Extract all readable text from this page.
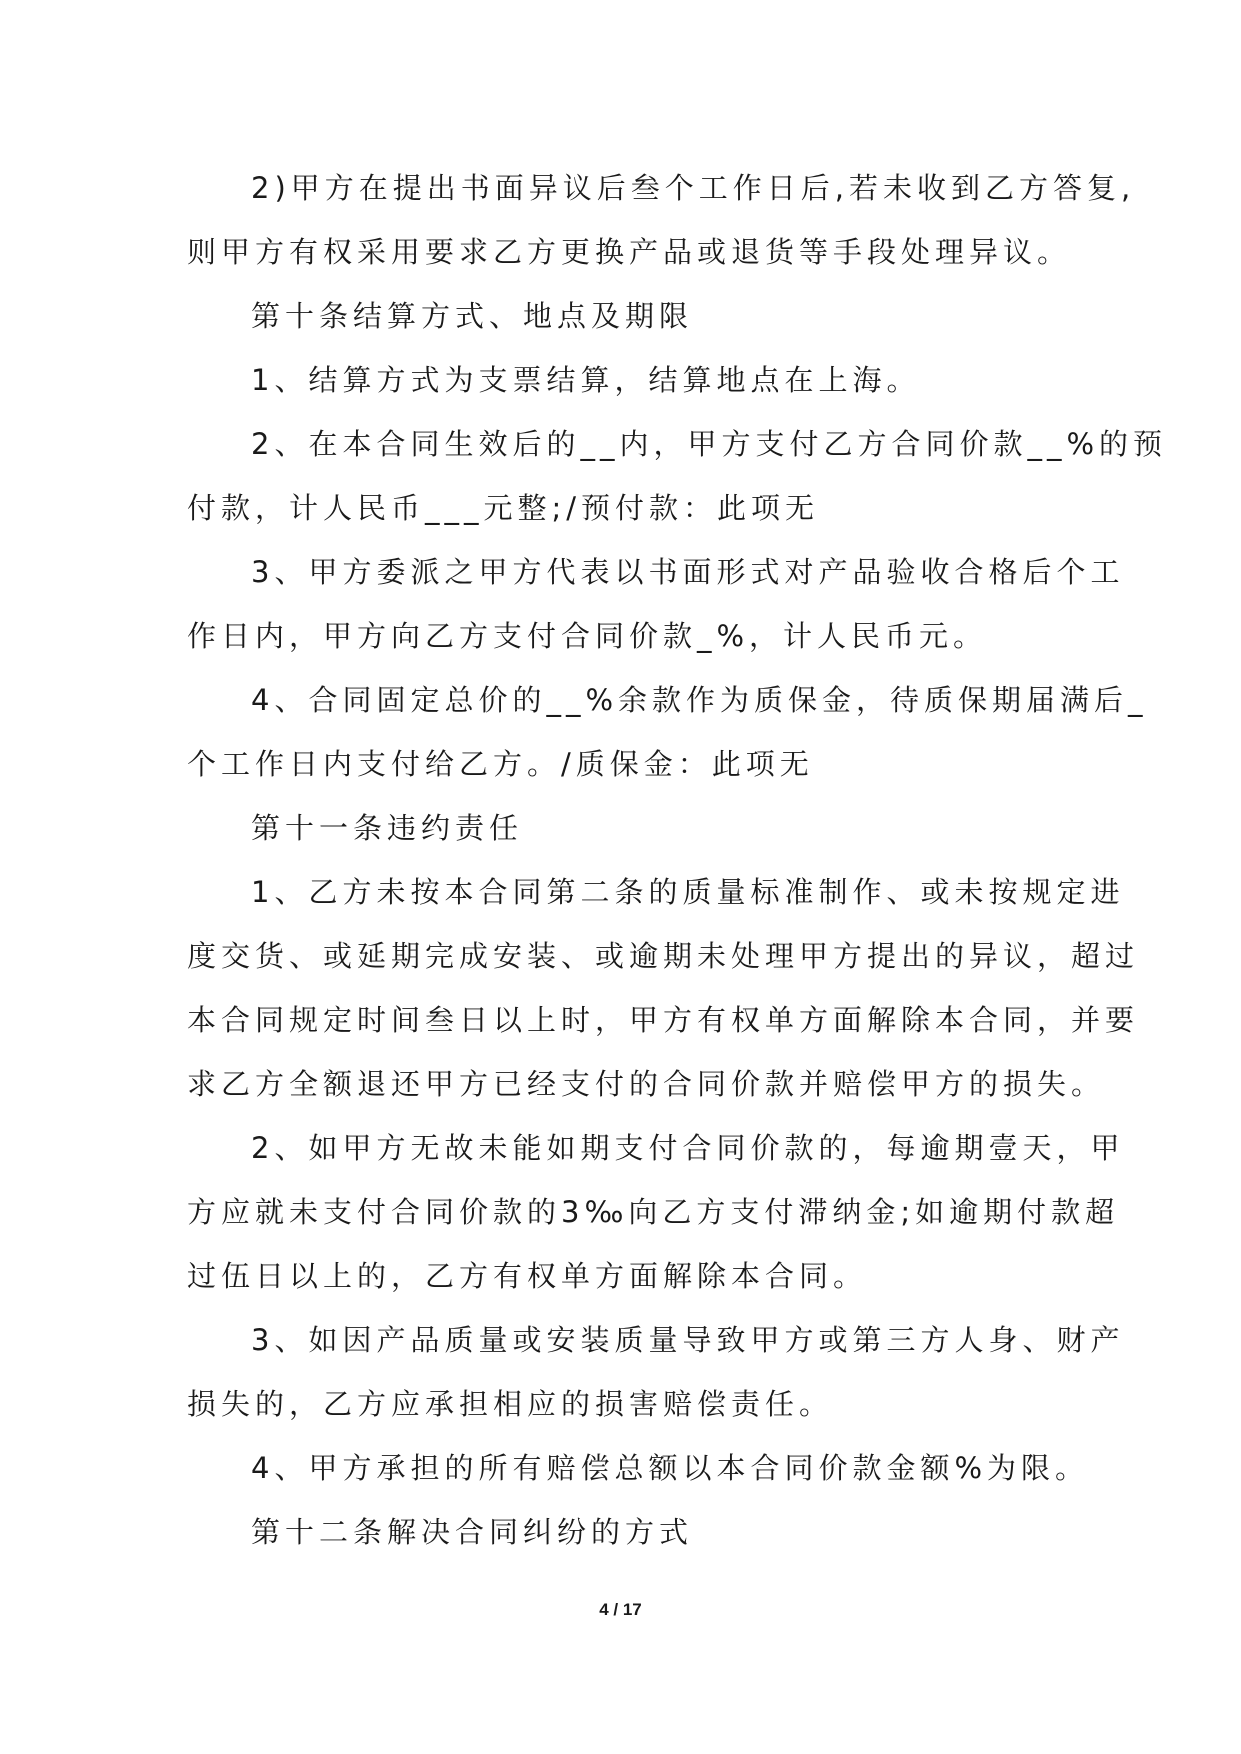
2)甲方在提出书面异议后叁个工作日后,若未收到乙方答复,

则甲方有权采用要求乙方更换产品或退货等手段处理异议。

第十条结算方式、地点及期限

1、结算方式为支票结算，结算地点在上海。

2、在本合同生效后的__内，甲方支付乙方合同价款__%的预

付款，计人民币___元整;/预付款：此项无

3、甲方委派之甲方代表以书面形式对产品验收合格后个工

作日内，甲方向乙方支付合同价款_%，计人民币元。

4、合同固定总价的__%余款作为质保金，待质保期届满后_

个工作日内支付给乙方。/质保金：此项无

第十一条违约责任

1、乙方未按本合同第二条的质量标准制作、或未按规定进

度交货、或延期完成安装、或逾期未处理甲方提出的异议，超过

本合同规定时间叁日以上时，甲方有权单方面解除本合同，并要

求乙方全额退还甲方已经支付的合同价款并赔偿甲方的损失。

2、如甲方无故未能如期支付合同价款的，每逾期壹天，甲

方应就未支付合同价款的3‰向乙方支付滞纳金;如逾期付款超

过伍日以上的，乙方有权单方面解除本合同。

3、如因产品质量或安装质量导致甲方或第三方人身、财产

损失的，乙方应承担相应的损害赔偿责任。

4、甲方承担的所有赔偿总额以本合同价款金额%为限。

第十二条解决合同纠纷的方式

4 / 17
